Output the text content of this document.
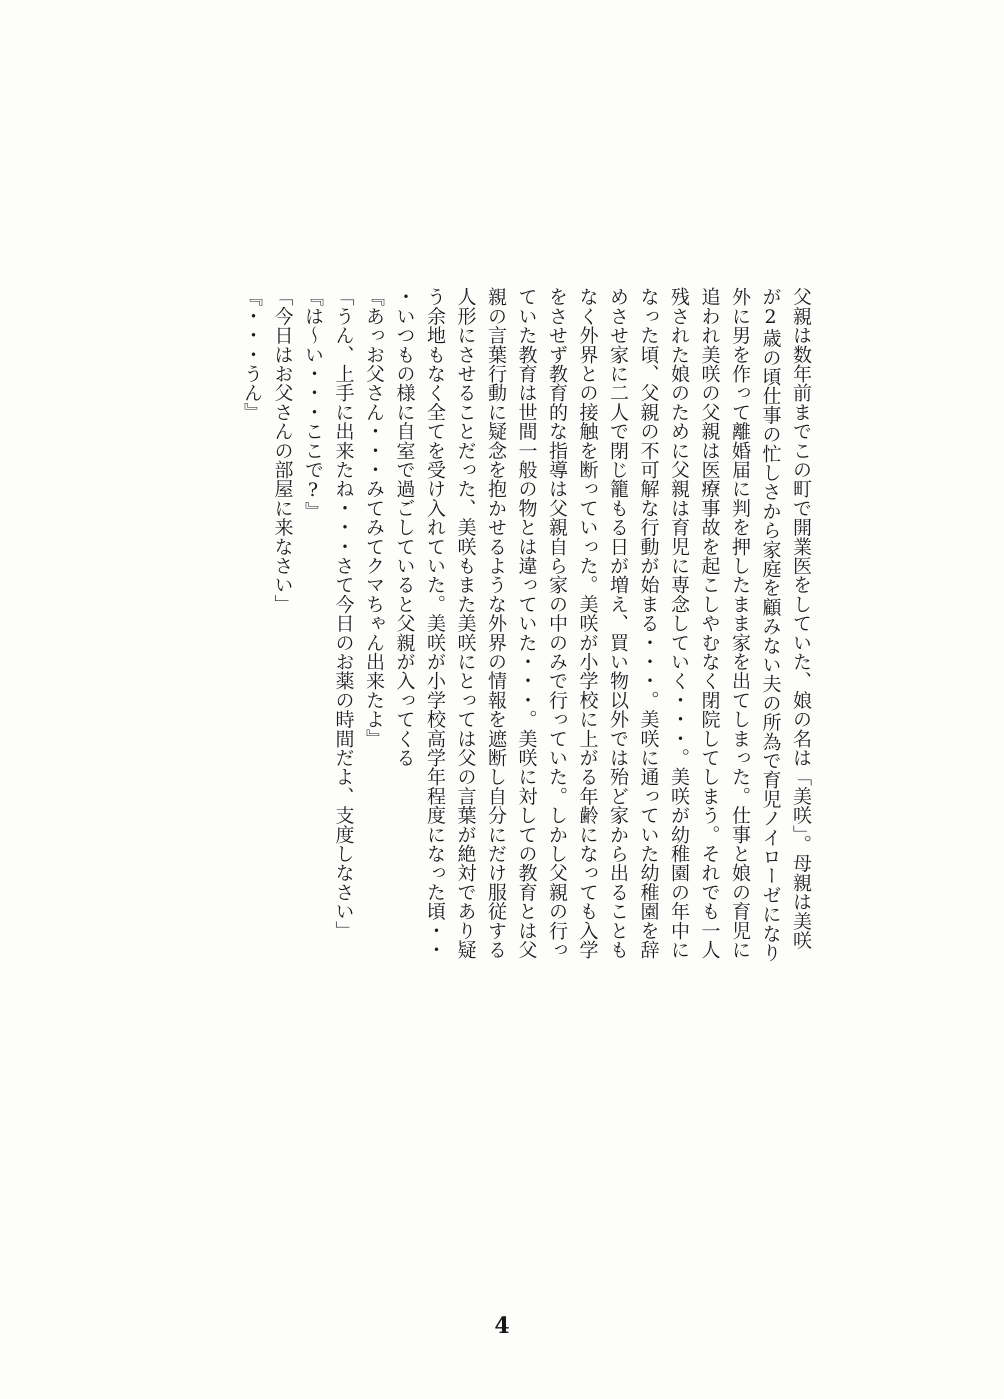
父親は数年前までこの町で開業医をしていた、娘の名は「美咲」。母親は美咲

が2歳の頃仕事の忙しさから家庭を顧みない夫の所為で育児ノイローゼになり

外に男を作って離婚届に判を押したまま家を出てしまった。仕事と娘の育児に

追われ美咲の父親は医療事故を起こしやむなく閉院してしまう。それでも一人

残された娘のために父親は育児に専念していく・・・。美咲が幼稚園の年中に

なった頃、父親の不可解な行動が始まる・・・。美咲に通っていた幼稚園を辞

めさせ家に二人で閉じ籠もる日が増え、買い物以外では殆ど家から出ることも

なく外界との接触を断っていった。美咲が小学校に上がる年齢になっても入学

をさせず教育的な指導は父親自ら家の中のみで行っていた。しかし父親の行っ

ていた教育は世間一般の物とは違っていた・・・。美咲に対しての教育とは父

親の言葉行動に疑念を抱かせるような外界の情報を遮断し自分にだけ服従する

人形にさせることだった、美咲もまた美咲にとっては父の言葉が絶対であり疑

う余地もなく全てを受け入れていた。美咲が小学校高学年程度になった頃・・

・いつもの様に自室で過ごしていると父親が入ってくる

『あっお父さん・・・みてみてクマちゃん出来たよ』

「うん、上手に出来たね・・・さて今日のお薬の時間だよ、支度しなさい」

『は～い・・・ここで?』

「今日はお父さんの部屋に来なさい」

『・・・うん』

4
